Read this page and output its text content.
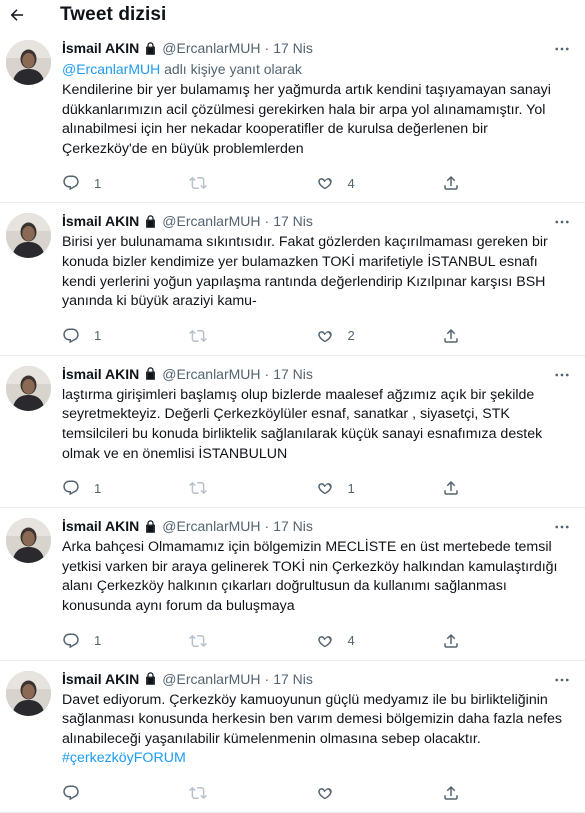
Tweet dizisi
İsmail AKIN @ErcanlarMUH · 17 Nis
@ErcanlarMUH adlı kişiye yanıt olarak
Kendilerine bir yer bulamamış her yağmurda artık kendini taşıyamayan sanayi dükkanlarımızın acil çözülmesi gerekirken hala bir arpa yol alınamamıştır. Yol alınabilmesi için her nekadar kooperatifler de kurulsa değerlenen bir Çerkezköy'de en büyük problemlerden
1	4
İsmail AKIN @ErcanlarMUH · 17 Nis
Birisi yer bulunamama sıkıntısıdır. Fakat gözlerden kaçırılmaması gereken bir konuda bizler kendimize yer bulamazken TOKİ marifetiyle İSTANBUL esnafı kendi yerlerini yoğun yapılaşma rantında değerlendirip Kızılpınar karşısı BSH yanında ki büyük araziyi kamu-
1	2
İsmail AKIN @ErcanlarMUH · 17 Nis
laştırma girişimleri başlamış olup bizlerde maalesef ağzımız açık bir şekilde seyretmekteyiz. Değerli Çerkezköylüler esnaf, sanatkar , siyasetçi, STK temsilcileri bu konuda birliktelik sağlanılarak küçük sanayi esnafımıza destek olmak ve en önemlisi İSTANBULUN
1	1
İsmail AKIN @ErcanlarMUH · 17 Nis
Arka bahçesi Olmamamız için bölgemizin MECLİSTE en üst mertebede temsil yetkisi varken bir araya gelinerek TOKİ nin Çerkezköy halkından kamulaştırdığı alanı Çerkezköy halkının çıkarları doğrultusun da kullanımı sağlanması konusunda aynı forum da buluşmaya
1	4
İsmail AKIN @ErcanlarMUH · 17 Nis
Davet ediyorum. Çerkezköy kamuoyunun güçlü medyamız ile bu birlikteliğinin sağlanması konusunda herkesin ben varım demesi bölgemizin daha fazla nefes alınabileceği yaşanılabilir kümelenmenin olmasına sebep olacaktır. #çerkezköyFORUM
